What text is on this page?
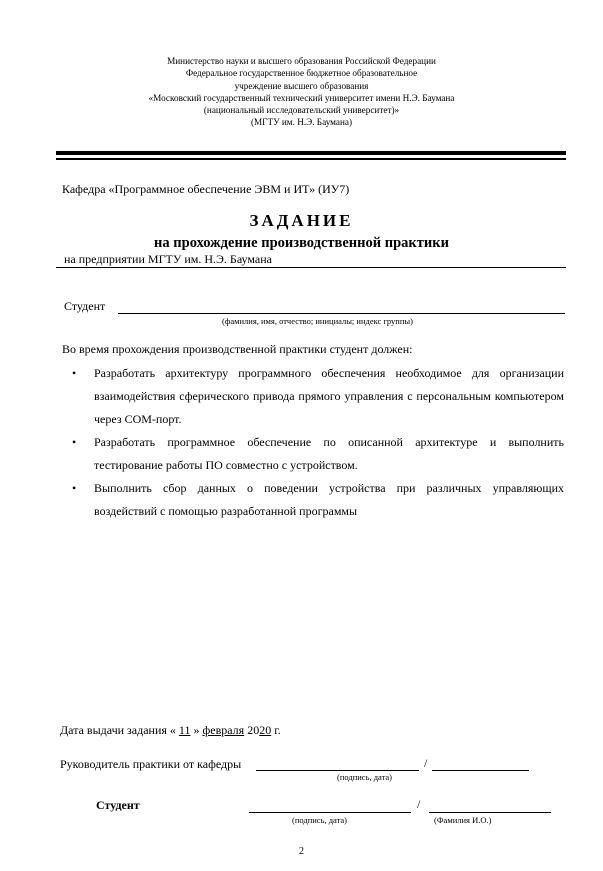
Министерство науки и высшего образования Российской Федерации
Федеральное государственное бюджетное образовательное
учреждение высшего образования
«Московский государственный технический университет имени Н.Э. Баумана
(национальный исследовательский университет)»
(МГТУ им. Н.Э. Баумана)
Кафедра «Программное обеспечение ЭВМ и ИТ» (ИУ7)
ЗАДАНИЕ
на прохождение производственной практики
на предприятии МГТУ им. Н.Э. Баумана
Студент
(фамилия, имя, отчество; инициалы; индекс группы)
Во время прохождения производственной практики студент должен:
• Разработать архитектуру программного обеспечения необходимое для организации взаимодействия сферического привода прямого управления с персональным компьютером через COM-порт.
• Разработать программное обеспечение по описанной архитектуре и выполнить тестирование работы ПО совместно с устройством.
• Выполнить сбор данных о поведении устройства при различных управляющих воздействий с помощью разработанной программы
Дата выдачи задания « 11 » февраля 2020 г.
Руководитель практики от кафедры	/
(подпись, дата)
Студент	/
(подпись, дата)	(Фамилия И.О.)
2
